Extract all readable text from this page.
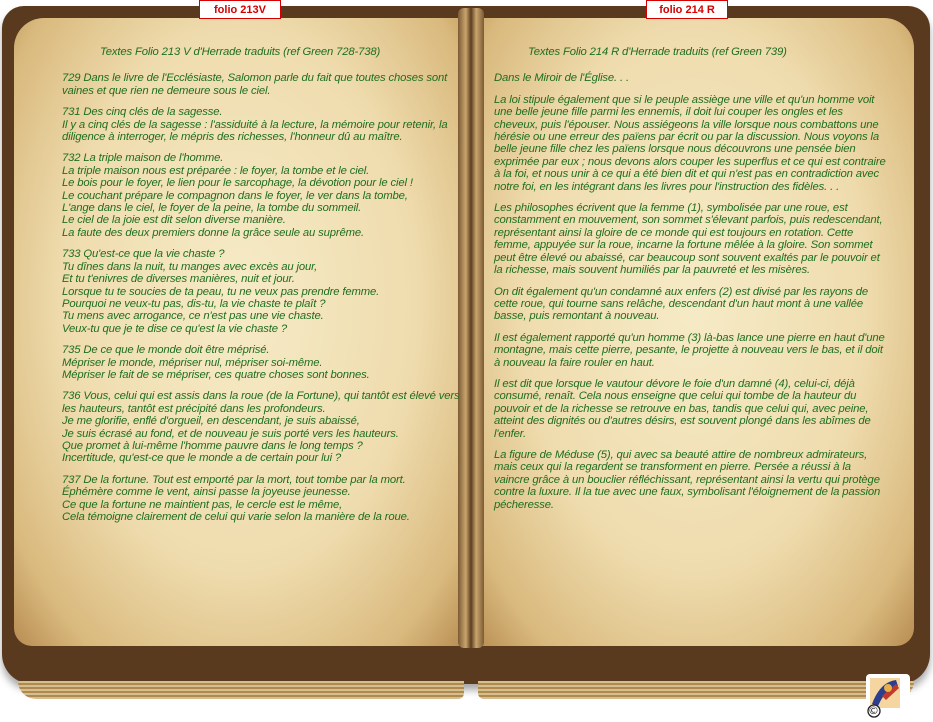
folio 213V	folio 214 R

Textes Folio 213 V d'Herrade traduits (ref Green 728-738)

729 Dans le livre de l'Ecclésiaste, Salomon parle du fait que toutes choses sont vaines et que rien ne demeure sous le ciel.

731 Des cinq clés de la sagesse.
Il y a cinq clés de la sagesse : l'assiduité à la lecture, la mémoire pour retenir, la diligence à interroger, le mépris des richesses, l'honneur dû au maître.

732 La triple maison de l'homme.
La triple maison nous est préparée : le foyer, la tombe et le ciel.
Le bois pour le foyer, le lien pour le sarcophage, la dévotion pour le ciel !
Le couchant prépare le compagnon dans le foyer, le ver dans la tombe,
L'ange dans le ciel, le foyer de la peine, la tombe du sommeil.
Le ciel de la joie est dit selon diverse manière.
La faute des deux premiers donne la grâce seule au suprême.

733 Qu'est-ce que la vie chaste ?
Tu dînes dans la nuit, tu manges avec excès au jour,
Et tu t'enivres de diverses manières, nuit et jour.
Lorsque tu te soucies de ta peau, tu ne veux pas prendre femme.
Pourquoi ne veux-tu pas, dis-tu, la vie chaste te plaît ?
Tu mens avec arrogance, ce n'est pas une vie chaste.
Veux-tu que je te dise ce qu'est la vie chaste ?

735 De ce que le monde doit être méprisé.
Mépriser le monde, mépriser nul, mépriser soi-même.
Mépriser le fait de se mépriser, ces quatre choses sont bonnes.

736 Vous, celui qui est assis dans la roue (de la Fortune), qui tantôt est élevé vers les hauteurs, tantôt est précipité dans les profondeurs.
Je me glorifie, enflé d'orgueil, en descendant, je suis abaissé,
Je suis écrasé au fond, et de nouveau je suis porté vers les hauteurs.
Que promet à lui-même l'homme pauvre dans le long temps ?
Incertitude, qu'est-ce que le monde a de certain pour lui ?

737 De la fortune. Tout est emporté par la mort, tout tombe par la mort.
Éphémère comme le vent, ainsi passe la joyeuse jeunesse.
Ce que la fortune ne maintient pas, le cercle est le même,
Cela témoigne clairement de celui qui varie selon la manière de la roue.

Textes Folio 214 R d'Herrade traduits (ref Green 739)

Dans le Miroir de l'Église. . .

La loi stipule également que si le peuple assiège une ville et qu'un homme voit une belle jeune fille parmi les ennemis, il doit lui couper les ongles et les cheveux, puis l'épouser. Nous assiégeons la ville lorsque nous combattons une hérésie ou une erreur des païens par écrit ou par la discussion. Nous voyons la belle jeune fille chez les païens lorsque nous découvrons une pensée bien exprimée par eux ; nous devons alors couper les superflus et ce qui est contraire à la foi, et nous unir à ce qui a été bien dit et qui n'est pas en contradiction avec notre foi, en les intégrant dans les livres pour l'instruction des fidèles. . .

Les philosophes écrivent que la femme (1), symbolisée par une roue, est constamment en mouvement, son sommet s'élevant parfois, puis redescendant, représentant ainsi la gloire de ce monde qui est toujours en rotation. Cette femme, appuyée sur la roue, incarne la fortune mêlée à la gloire. Son sommet peut être élevé ou abaissé, car beaucoup sont souvent exaltés par le pouvoir et la richesse, mais souvent humiliés par la pauvreté et les misères.

On dit également qu'un condamné aux enfers (2) est divisé par les rayons de cette roue, qui tourne sans relâche, descendant d'un haut mont à une vallée basse, puis remontant à nouveau.

Il est également rapporté qu'un homme (3) là-bas lance une pierre en haut d'une montagne, mais cette pierre, pesante, le projette à nouveau vers le bas, et il doit à nouveau la faire rouler en haut.

Il est dit que lorsque le vautour dévore le foie d'un damné (4), celui-ci, déjà consumé, renaît. Cela nous enseigne que celui qui tombe de la hauteur du pouvoir et de la richesse se retrouve en bas, tandis que celui qui, avec peine, atteint des dignités ou d'autres désirs, est souvent plongé dans les abîmes de l'enfer.

La figure de Méduse (5), qui avec sa beauté attire de nombreux admirateurs, mais ceux qui la regardent se transforment en pierre. Persée a réussi à la vaincre grâce à un bouclier réfléchissant, représentant ainsi la vertu qui protège contre la luxure. Il la tue avec une faux, symbolisant l'éloignement de la passion pécheresse.

©
